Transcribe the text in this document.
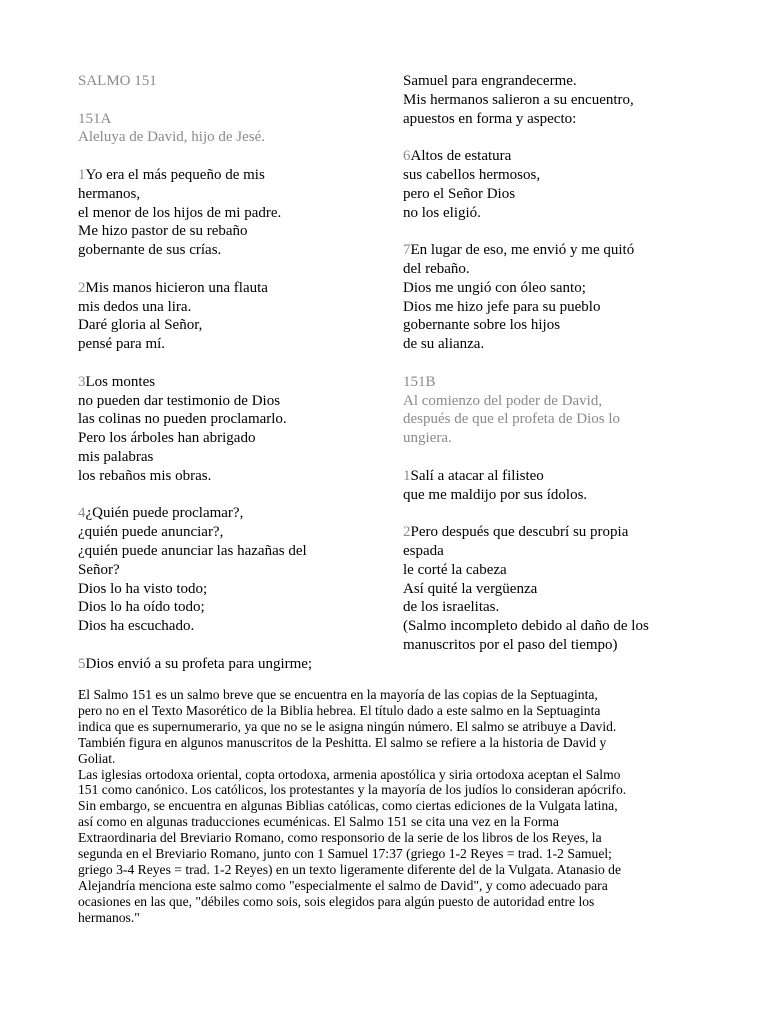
SALMO 151
151A
Aleluya de David, hijo de Jesé.
1Yo era el más pequeño de mis
hermanos,
el menor de los hijos de mi padre.
Me hizo pastor de su rebaño
gobernante de sus crías.
2Mis manos hicieron una flauta
mis dedos una lira.
Daré gloria al Señor,
pensé para mí.
3Los montes
no pueden dar testimonio de Dios
las colinas no pueden proclamarlo.
Pero los árboles han abrigado
mis palabras
los rebaños mis obras.
4¿Quién puede proclamar?,
¿quién puede anunciar?,
¿quién puede anunciar las hazañas del
Señor?
Dios lo ha visto todo;
Dios lo ha oído todo;
Dios ha escuchado.
5Dios envió a su profeta para ungirme;
Samuel para engrandecerme.
Mis hermanos salieron a su encuentro,
apuestos en forma y aspecto:
6Altos de estatura
sus cabellos hermosos,
pero el Señor Dios
no los eligió.
7En lugar de eso, me envió y me quitó
del rebaño.
Dios me ungió con óleo santo;
Dios me hizo jefe para su pueblo
gobernante sobre los hijos
de su alianza.
151B
Al comienzo del poder de David,
después de que el profeta de Dios lo
ungiera.
1Salí a atacar al filisteo
que me maldijo por sus ídolos.
2Pero después que descubrí su propia
espada
le corté la cabeza
Así quité la vergüenza
de los israelitas.
(Salmo incompleto debido al daño de los
manuscritos por el paso del tiempo)
El Salmo 151 es un salmo breve que se encuentra en la mayoría de las copias de la Septuaginta,
pero no en el Texto Masorético de la Biblia hebrea. El título dado a este salmo en la Septuaginta
indica que es supernumerario, ya que no se le asigna ningún número. El salmo se atribuye a David.
También figura en algunos manuscritos de la Peshitta. El salmo se refiere a la historia de David y
Goliat.
Las iglesias ortodoxa oriental, copta ortodoxa, armenia apostólica y siria ortodoxa aceptan el Salmo
151 como canónico. Los católicos, los protestantes y la mayoría de los judíos lo consideran apócrifo.
Sin embargo, se encuentra en algunas Biblias católicas, como ciertas ediciones de la Vulgata latina,
así como en algunas traducciones ecuménicas. El Salmo 151 se cita una vez en la Forma
Extraordinaria del Breviario Romano, como responsorio de la serie de los libros de los Reyes, la
segunda en el Breviario Romano, junto con 1 Samuel 17:37 (griego 1-2 Reyes = trad. 1-2 Samuel;
griego 3-4 Reyes = trad. 1-2 Reyes) en un texto ligeramente diferente del de la Vulgata. Atanasio de
Alejandría menciona este salmo como "especialmente el salmo de David", y como adecuado para
ocasiones en las que, "débiles como sois, sois elegidos para algún puesto de autoridad entre los
hermanos."
